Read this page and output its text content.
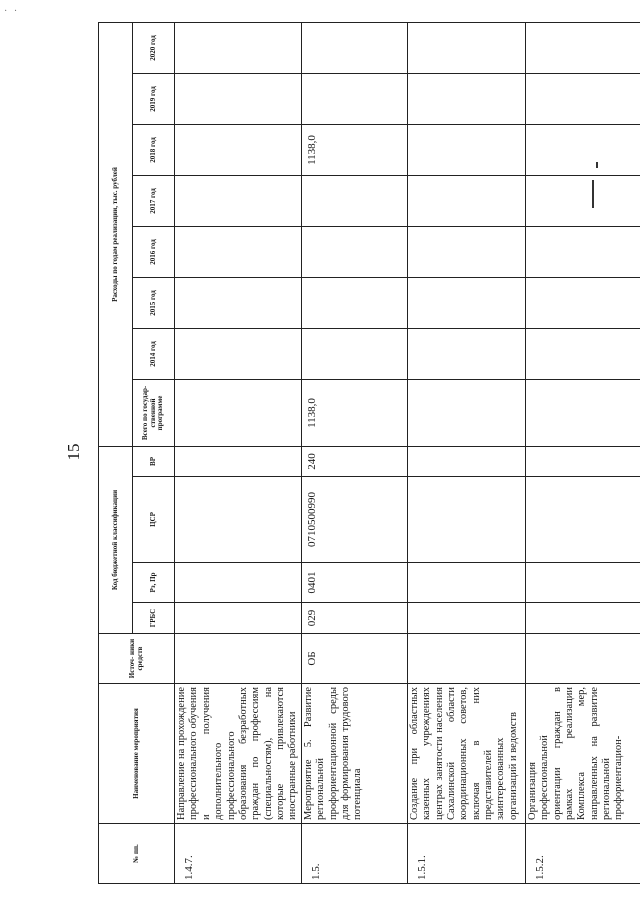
· ·
15
№ пп.	Наименование мероприятия	Источ- ники средств	Код бюджетной классификации				Расходы по годам реализации, тыс. рублей							
			ГРБС	Рз, Пр	ЦСР	ВР	Всего по государ- ственной программе	2014 год	2015 год	2016 год	2017 год	2018 год	2019 год	2020 год
1.4.7.	Направление на прохождение профессионального обучения и получения дополнительного профессионального образования безработных граждан по профессиям (специальностям), на которые привлекаются иностранные работники													
1.5.	Мероприятие 5. Развитие региональной профориентационной среды для формирования трудового потенциала	ОБ	029	0401	0710500990	240	1138,0					1138,0		
1.5.1.	Создание при областных казенных учреждениях центрах занятости населения Сахалинской области координационных советов, включая в них представителей заинтересованных организаций и ведомств													
1.5.2.	Организация профессиональной ориентации граждан в рамках реализации Комплекса мер, направленных на развитие региональной профориентацион-													
